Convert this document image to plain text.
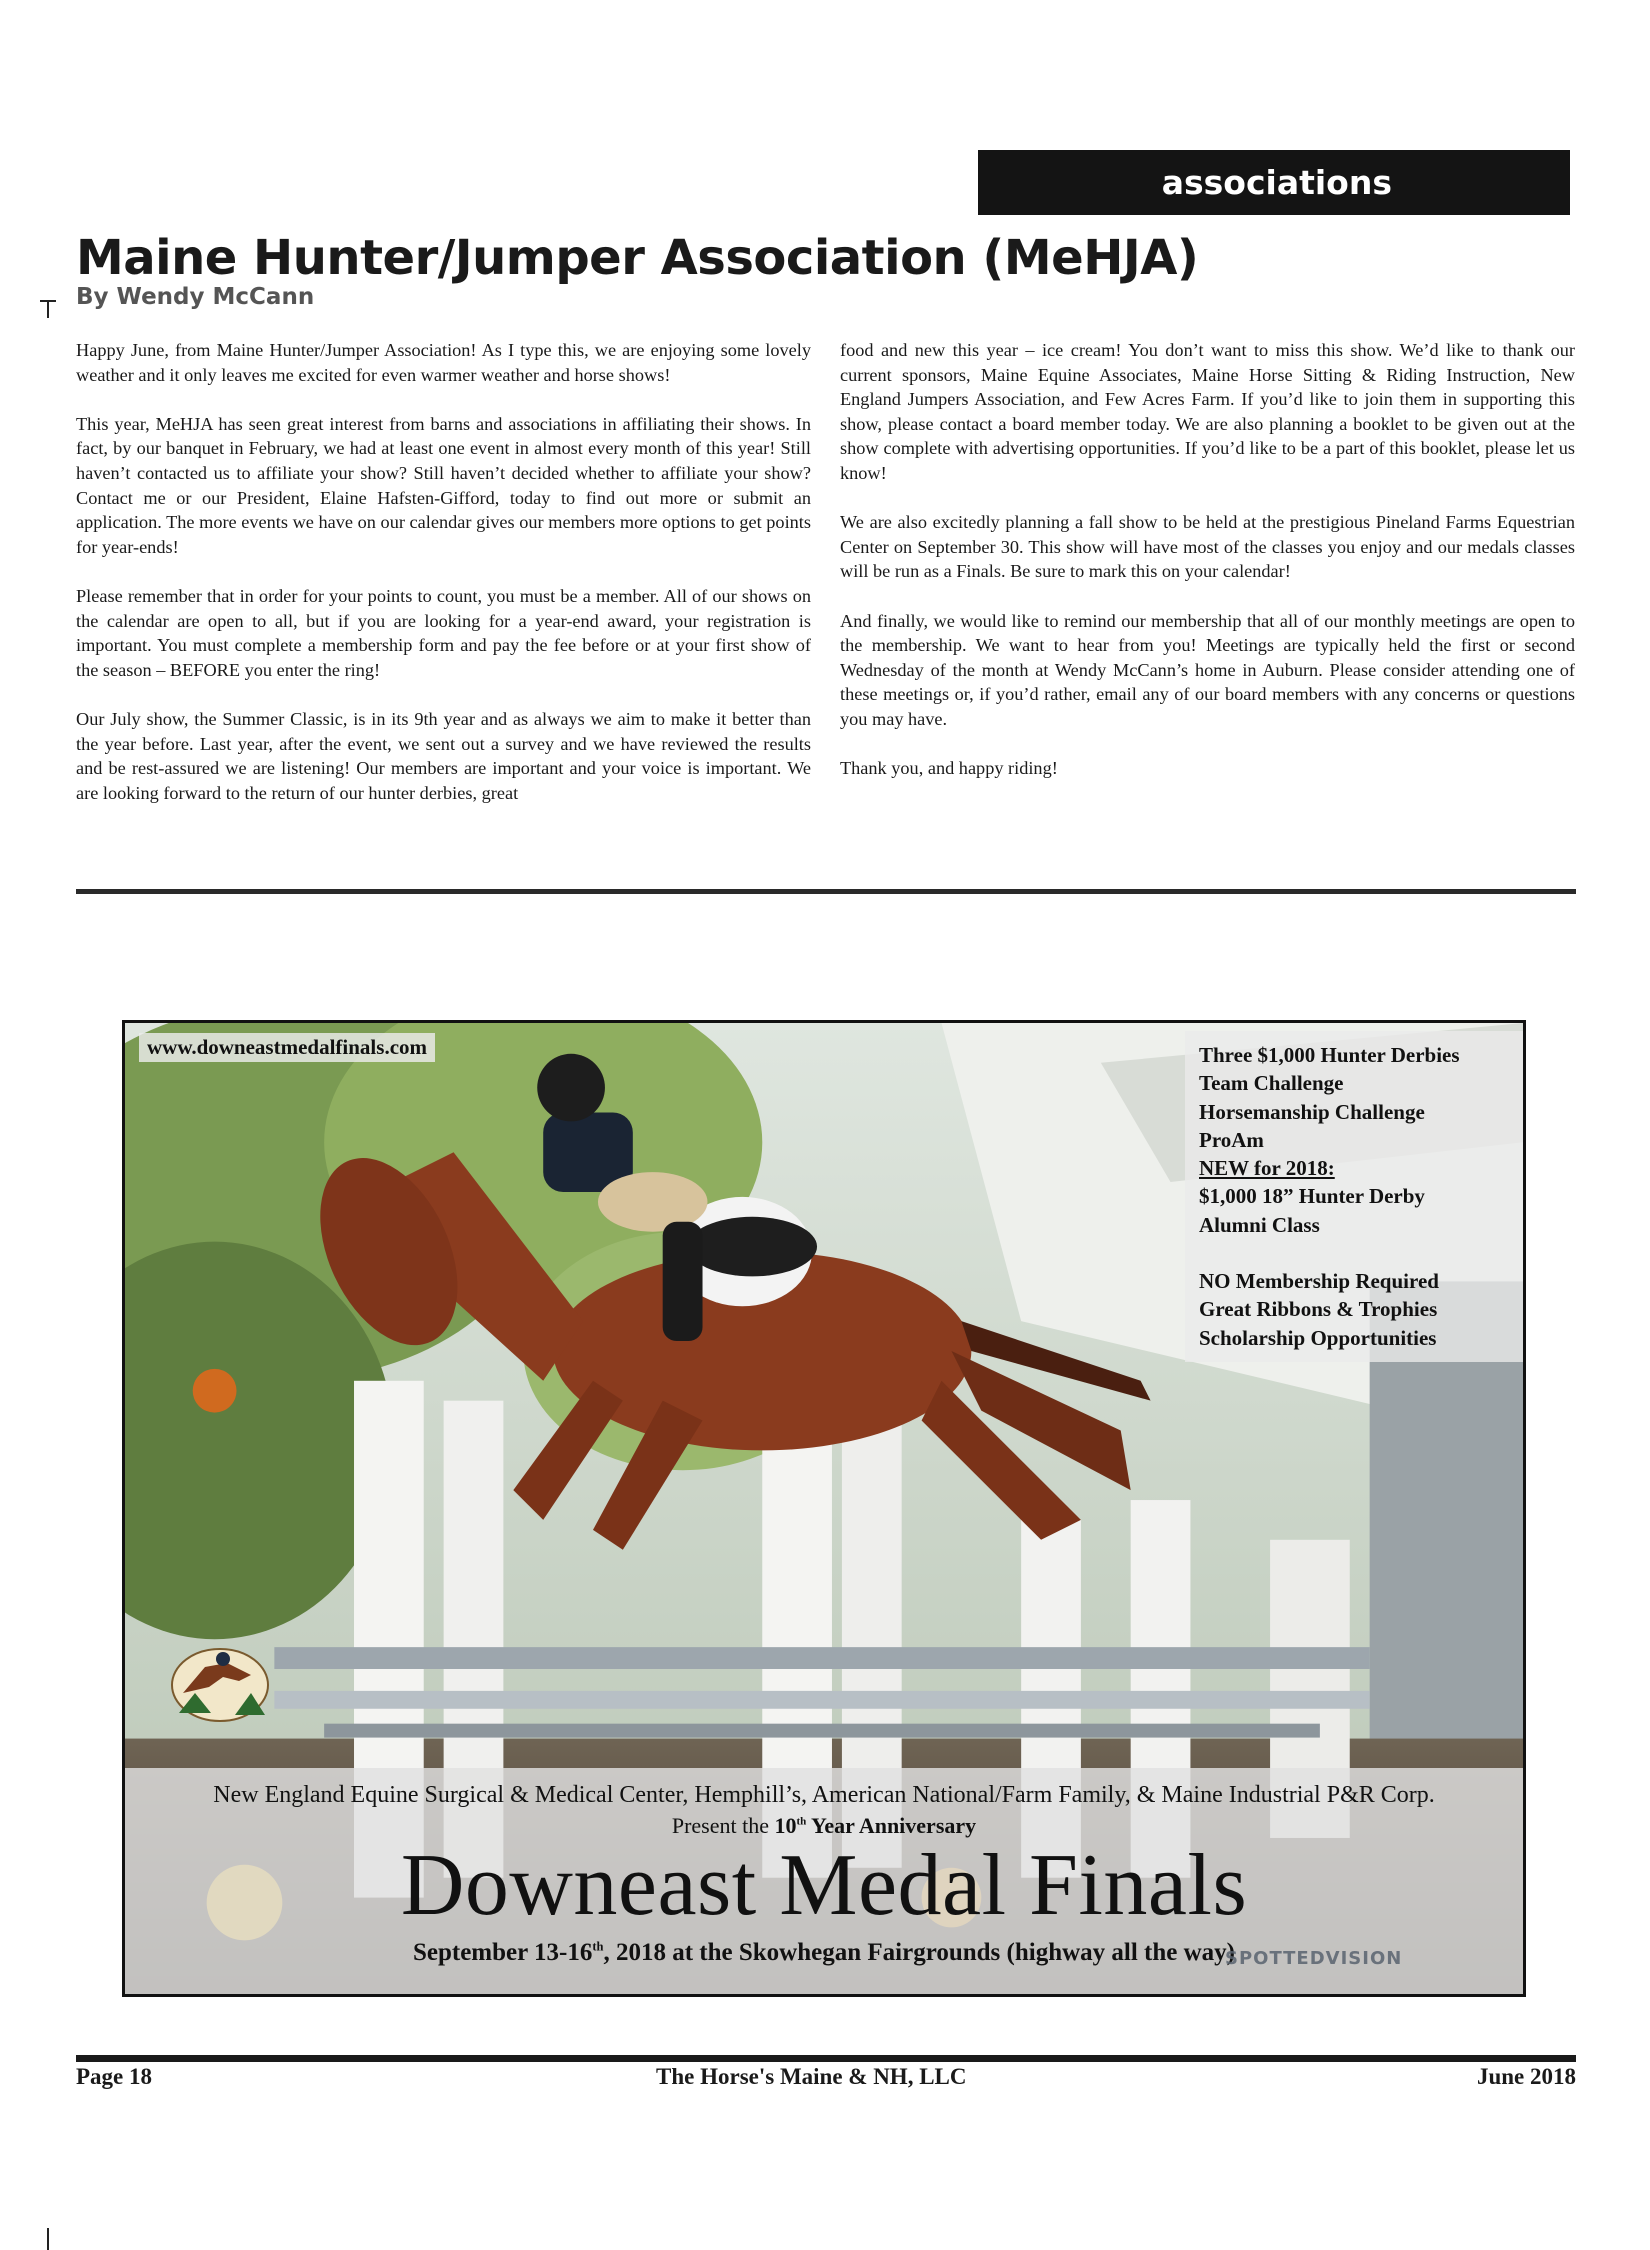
associations
Maine Hunter/Jumper Association (MeHJA)
By Wendy McCann

Happy June, from Maine Hunter/Jumper Association! As I type this, we are enjoying some lovely weather and it only leaves me excited for even warmer weather and horse shows!

This year, MeHJA has seen great interest from barns and associations in affiliating their shows. In fact, by our banquet in February, we had at least one event in almost every month of this year! Still haven’t contacted us to affiliate your show? Still haven’t decided whether to affiliate your show? Contact me or our President, Elaine Hafsten-Gifford, today to find out more or submit an application. The more events we have on our calendar gives our members more options to get points for year-ends!

Please remember that in order for your points to count, you must be a member. All of our shows on the calendar are open to all, but if you are looking for a year-end award, your registration is important. You must complete a membership form and pay the fee before or at your first show of the season – BEFORE you enter the ring!

Our July show, the Summer Classic, is in its 9th year and as always we aim to make it better than the year before. Last year, after the event, we sent out a survey and we have reviewed the results and be rest-assured we are listening! Our members are important and your voice is important. We are looking forward to the return of our hunter derbies, great

food and new this year – ice cream! You don’t want to miss this show. We’d like to thank our current sponsors, Maine Equine Associates, Maine Horse Sitting & Riding Instruction, New England Jumpers Association, and Few Acres Farm. If you’d like to join them in supporting this show, please contact a board member today. We are also planning a booklet to be given out at the show complete with advertising opportunities. If you’d like to be a part of this booklet, please let us know!

We are also excitedly planning a fall show to be held at the prestigious Pineland Farms Equestrian Center on September 30. This show will have most of the classes you enjoy and our medals classes will be run as a Finals. Be sure to mark this on your calendar!

And finally, we would like to remind our membership that all of our monthly meetings are open to the membership. We want to hear from you! Meetings are typically held the first or second Wednesday of the month at Wendy McCann’s home in Auburn. Please consider attending one of these meetings or, if you’d rather, email any of our board members with any concerns or questions you may have.

Thank you, and happy riding!

www.downeastmedalfinals.com	Three $1,000 Hunter Derbies
Team Challenge
Horsemanship Challenge
ProAm
NEW for 2018:
$1,000 18” Hunter Derby
Alumni Class
NO Membership Required
Great Ribbons & Trophies
Scholarship Opportunities
New England Equine Surgical & Medical Center, Hemphill’s, American National/Farm Family, & Maine Industrial P&R Corp.
Present the 10th Year Anniversary
Downeast Medal Finals
September 13-16th, 2018 at the Skowhegan Fairgrounds (highway all the way)
SPOTTEDVISION
Page 18	The Horse's Maine & NH, LLC	June 2018
